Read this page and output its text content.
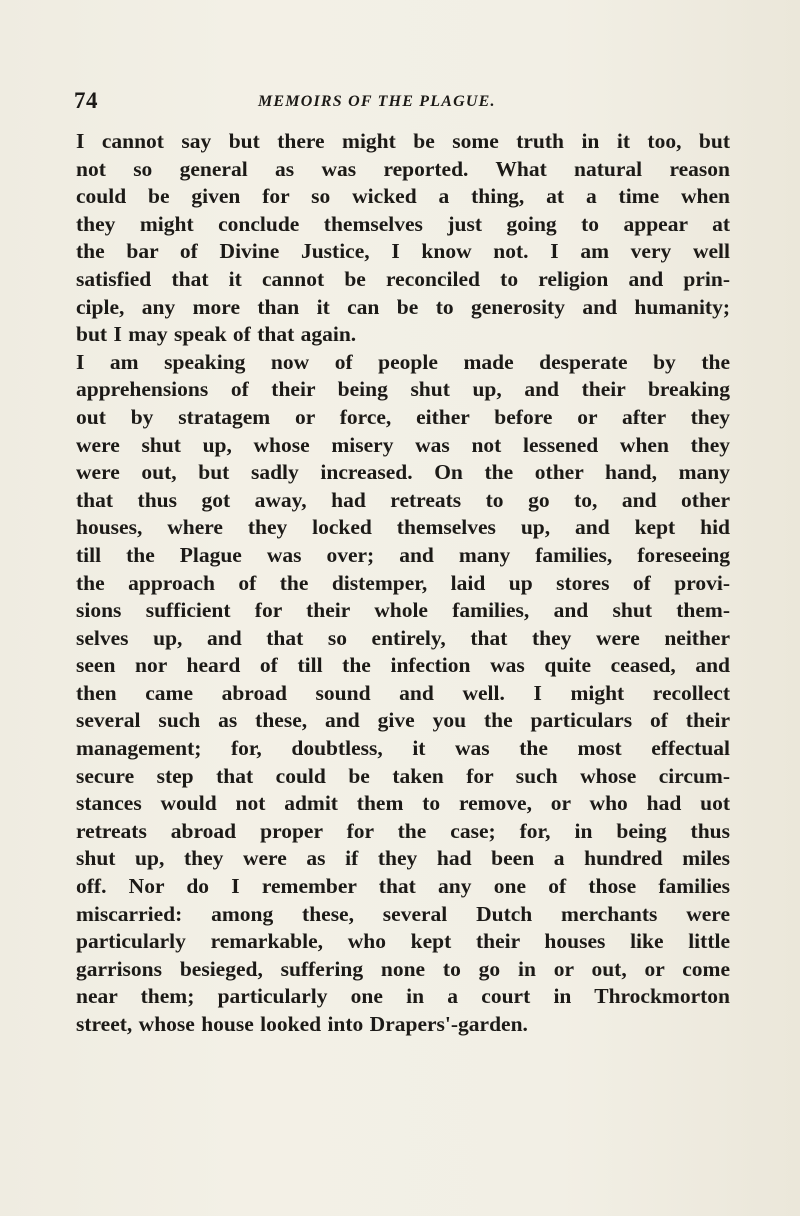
74	MEMOIRS OF THE PLAGUE.
I cannot say but there might be some truth in it too, but
not so general as was reported. What natural reason
could be given for so wicked a thing, at a time when
they might conclude themselves just going to appear at
the bar of Divine Justice, I know not. I am very well
satisfied that it cannot be reconciled to religion and prin-
ciple, any more than it can be to generosity and humanity;
but I may speak of that again.
I am speaking now of people made desperate by the
apprehensions of their being shut up, and their breaking
out by stratagem or force, either before or after they
were shut up, whose misery was not lessened when they
were out, but sadly increased. On the other hand, many
that thus got away, had retreats to go to, and other
houses, where they locked themselves up, and kept hid
till the Plague was over; and many families, foreseeing
the approach of the distemper, laid up stores of provi-
sions sufficient for their whole families, and shut them-
selves up, and that so entirely, that they were neither
seen nor heard of till the infection was quite ceased, and
then came abroad sound and well. I might recollect
several such as these, and give you the particulars of their
management; for, doubtless, it was the most effectual
secure step that could be taken for such whose circum-
stances would not admit them to remove, or who had uot
retreats abroad proper for the case; for, in being thus
shut up, they were as if they had been a hundred miles
off. Nor do I remember that any one of those families
miscarried: among these, several Dutch merchants were
particularly remarkable, who kept their houses like little
garrisons besieged, suffering none to go in or out, or come
near them; particularly one in a court in Throckmorton
street, whose house looked into Drapers'-garden.
